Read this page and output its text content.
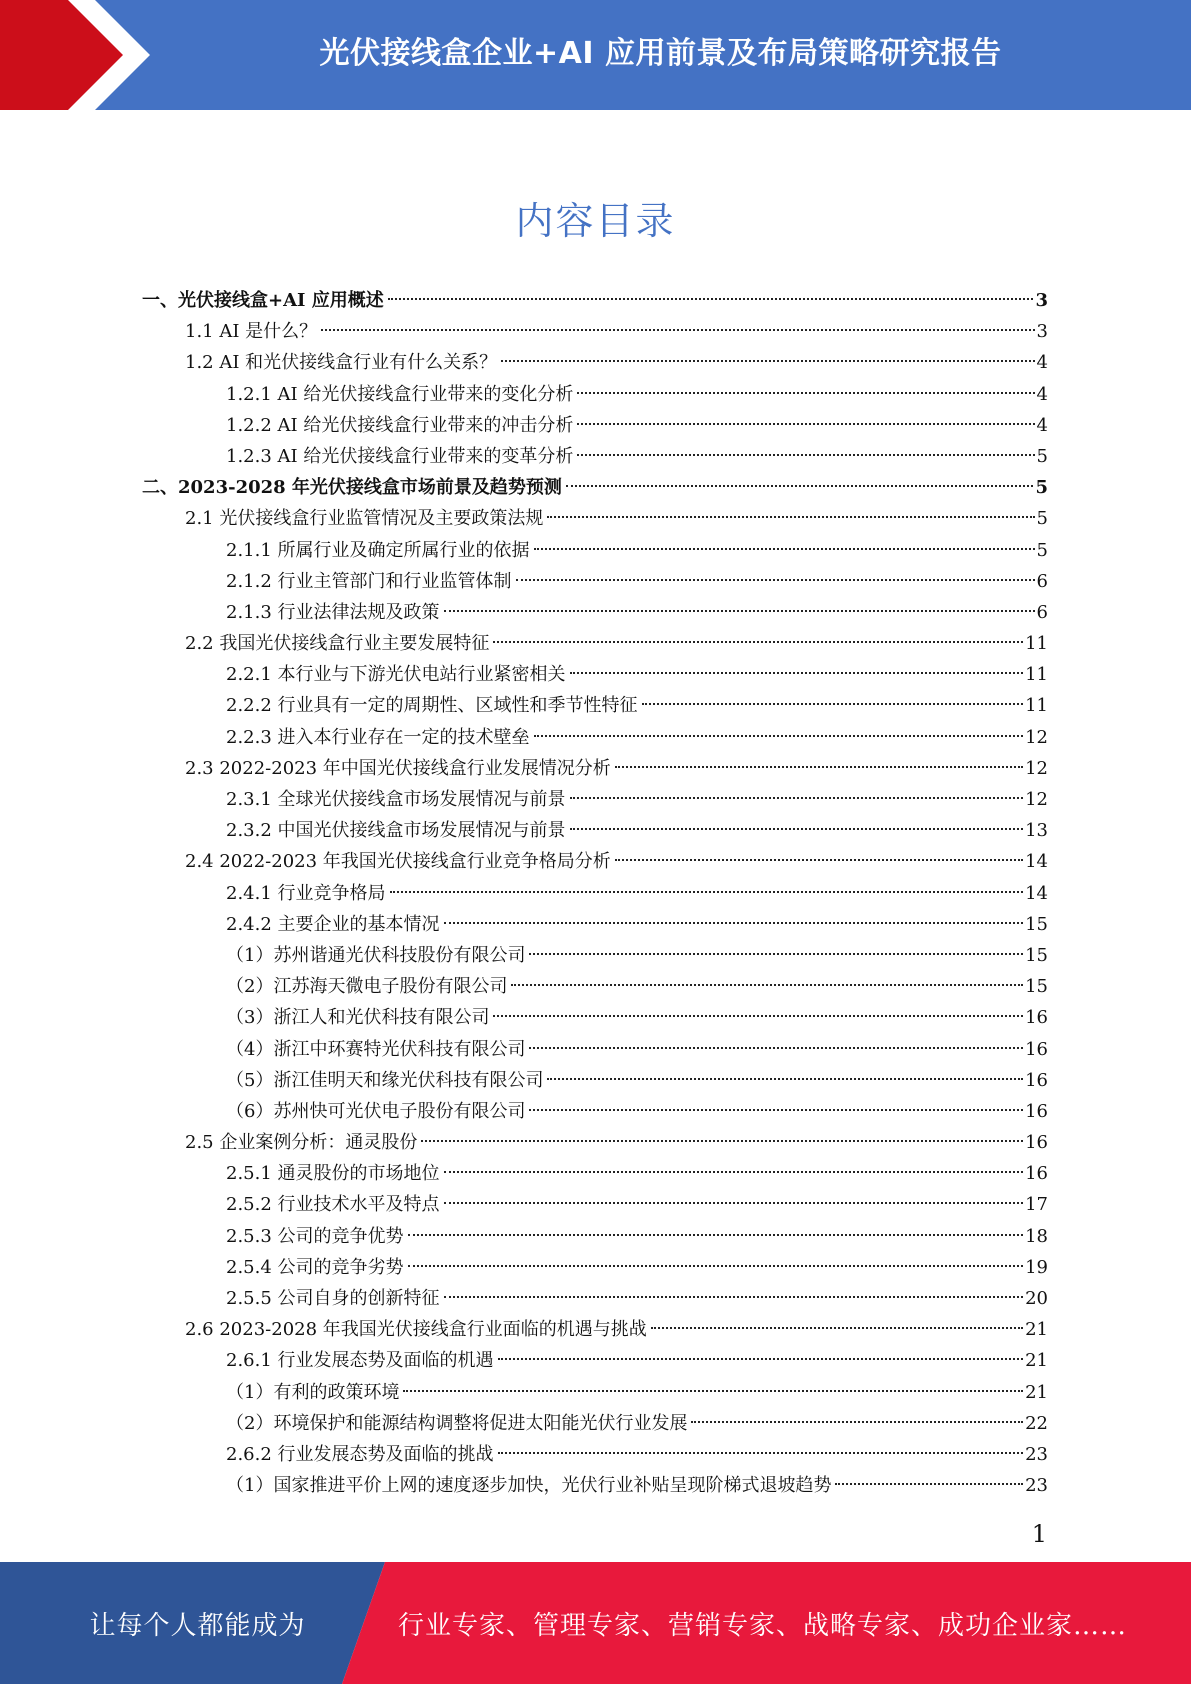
光伏接线盒企业+AI 应用前景及布局策略研究报告
内容目录
一、光伏接线盒+AI 应用概述	3
1.1 AI 是什么？	3
1.2 AI 和光伏接线盒行业有什么关系？	4
1.2.1 AI 给光伏接线盒行业带来的变化分析	4
1.2.2 AI 给光伏接线盒行业带来的冲击分析	4
1.2.3 AI 给光伏接线盒行业带来的变革分析	5
二、2023-2028 年光伏接线盒市场前景及趋势预测	5
2.1 光伏接线盒行业监管情况及主要政策法规	5
2.1.1 所属行业及确定所属行业的依据	5
2.1.2 行业主管部门和行业监管体制	6
2.1.3 行业法律法规及政策	6
2.2 我国光伏接线盒行业主要发展特征	11
2.2.1 本行业与下游光伏电站行业紧密相关	11
2.2.2 行业具有一定的周期性、区域性和季节性特征	11
2.2.3 进入本行业存在一定的技术壁垒	12
2.3 2022-2023 年中国光伏接线盒行业发展情况分析	12
2.3.1 全球光伏接线盒市场发展情况与前景	12
2.3.2 中国光伏接线盒市场发展情况与前景	13
2.4 2022-2023 年我国光伏接线盒行业竞争格局分析	14
2.4.1 行业竞争格局	14
2.4.2 主要企业的基本情况	15
（1）苏州谐通光伏科技股份有限公司	15
（2）江苏海天微电子股份有限公司	15
（3）浙江人和光伏科技有限公司	16
（4）浙江中环赛特光伏科技有限公司	16
（5）浙江佳明天和缘光伏科技有限公司	16
（6）苏州快可光伏电子股份有限公司	16
2.5 企业案例分析：通灵股份	16
2.5.1 通灵股份的市场地位	16
2.5.2 行业技术水平及特点	17
2.5.3 公司的竞争优势	18
2.5.4 公司的竞争劣势	19
2.5.5 公司自身的创新特征	20
2.6 2023-2028 年我国光伏接线盒行业面临的机遇与挑战	21
2.6.1 行业发展态势及面临的机遇	21
（1）有利的政策环境	21
（2）环境保护和能源结构调整将促进太阳能光伏行业发展	22
2.6.2 行业发展态势及面临的挑战	23
（1）国家推进平价上网的速度逐步加快，光伏行业补贴呈现阶梯式退坡趋势	23
1
让每个人都能成为	行业专家、管理专家、营销专家、战略专家、成功企业家……
